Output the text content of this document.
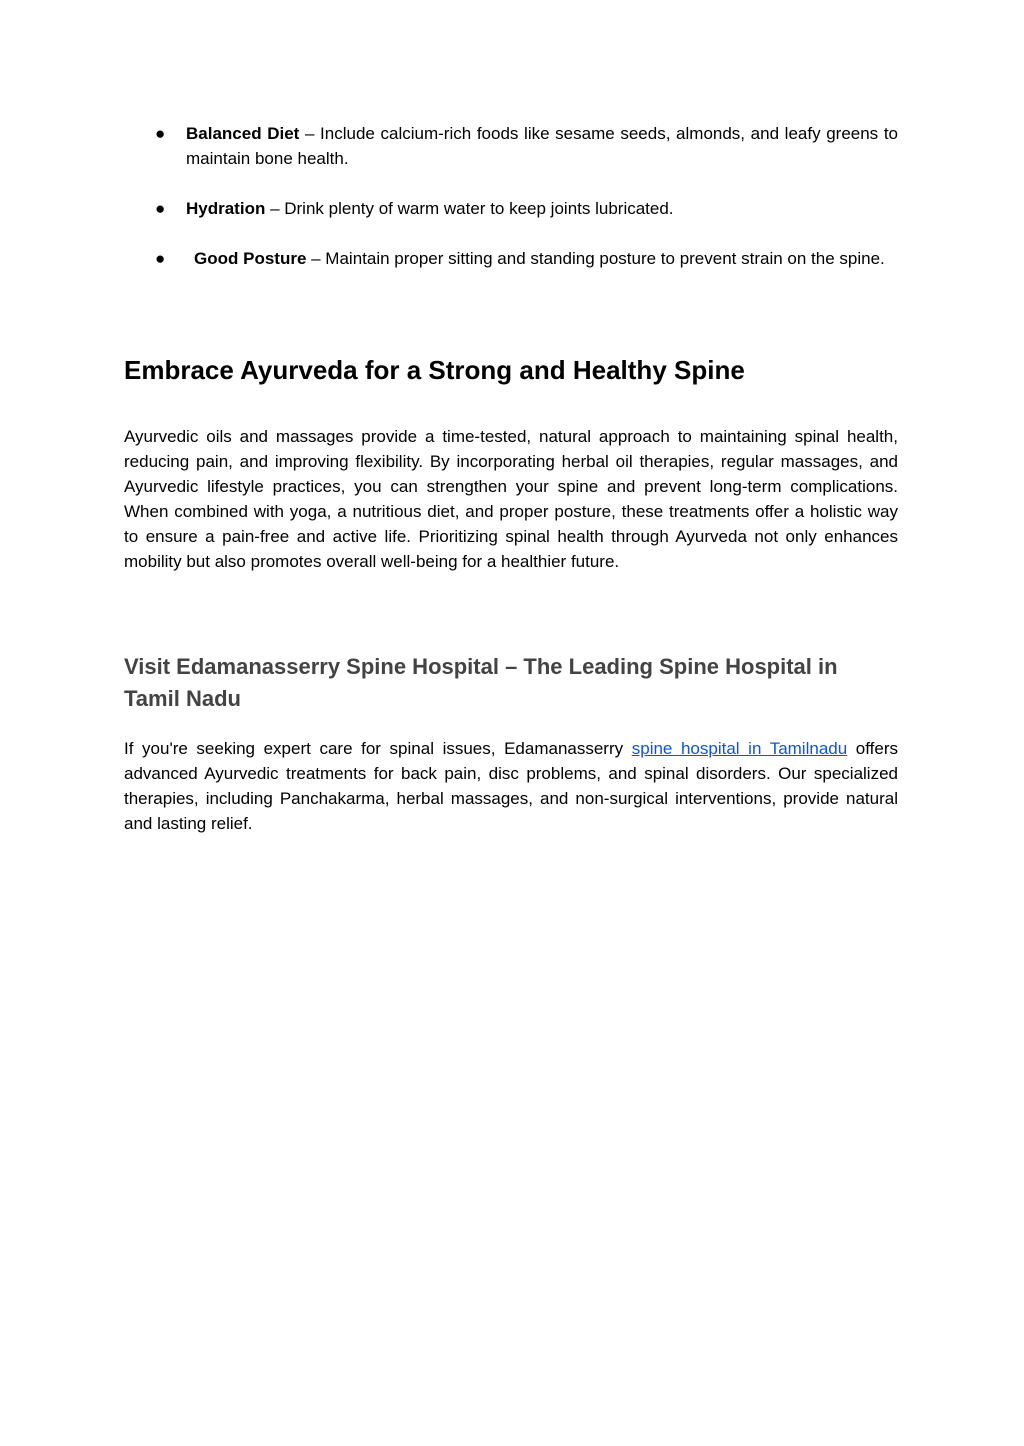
● Balanced Diet – Include calcium-rich foods like sesame seeds, almonds, and leafy greens to maintain bone health.
● Hydration – Drink plenty of warm water to keep joints lubricated.
● Good Posture – Maintain proper sitting and standing posture to prevent strain on the spine.
Embrace Ayurveda for a Strong and Healthy Spine

Ayurvedic oils and massages provide a time-tested, natural approach to maintaining spinal health, reducing pain, and improving flexibility. By incorporating herbal oil therapies, regular massages, and Ayurvedic lifestyle practices, you can strengthen your spine and prevent long-term complications. When combined with yoga, a nutritious diet, and proper posture, these treatments offer a holistic way to ensure a pain-free and active life. Prioritizing spinal health through Ayurveda not only enhances mobility but also promotes overall well-being for a healthier future.

Visit Edamanasserry Spine Hospital – The Leading Spine Hospital in Tamil Nadu

If you're seeking expert care for spinal issues, Edamanasserry spine hospital in Tamilnadu offers advanced Ayurvedic treatments for back pain, disc problems, and spinal disorders. Our specialized therapies, including Panchakarma, herbal massages, and non-surgical interventions, provide natural and lasting relief.
